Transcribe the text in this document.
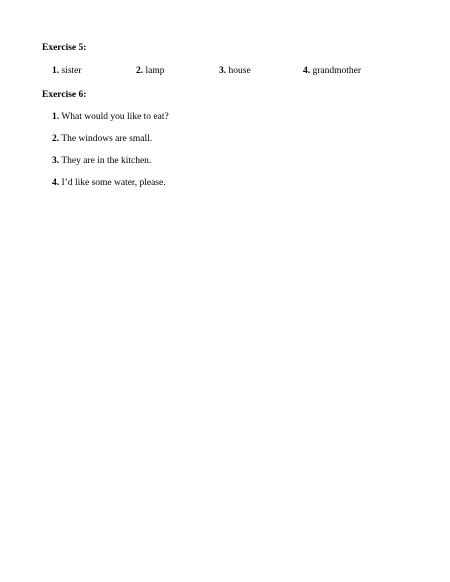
Exercise 5:
1. sister	2. lamp	3. house	4. grandmother
Exercise 6:
1. What would you like to eat?
2. The windows are small.
3. They are in the kitchen.
4. I’d like some water, please.
